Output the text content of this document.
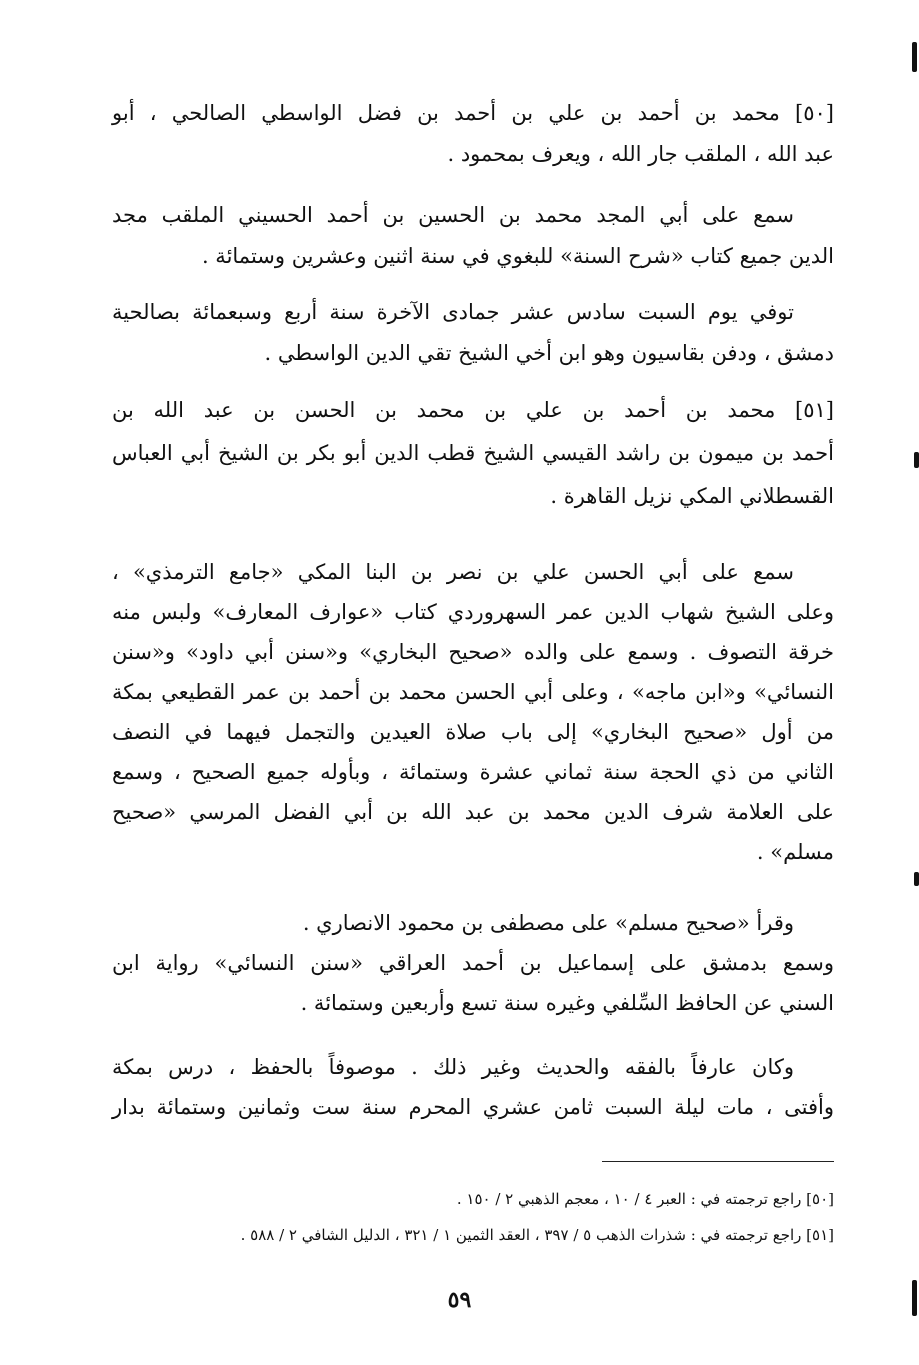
[٥٠] محمد بن أحمد بن علي بن أحمد بن فضل الواسطي الصالحي ، أبو
عبد الله ، الملقب جار الله ، ويعرف بمحمود .
سمع على أبي المجد محمد بن الحسين بن أحمد الحسيني الملقب مجد
الدين جميع كتاب «شرح السنة» للبغوي في سنة اثنين وعشرين وستمائة .
توفي يوم السبت سادس عشر جمادى الآخرة سنة أربع وسبعمائة بصالحية
دمشق ، ودفن بقاسيون وهو ابن أخي الشيخ تقي الدين الواسطي .
[٥١] محمد بن أحمد بن علي بن محمد بن الحسن بن عبد الله بن
أحمد بن ميمون بن راشد القيسي الشيخ قطب الدين أبو بكر بن الشيخ أبي العباس
القسطلاني المكي نزيل القاهرة .
سمع على أبي الحسن علي بن نصر بن البنا المكي «جامع الترمذي» ،
وعلى الشيخ شهاب الدين عمر السهروردي كتاب «عوارف المعارف» ولبس منه
خرقة التصوف . وسمع على والده «صحيح البخاري» و«سنن أبي داود» و«سنن
النسائي» و«ابن ماجه» ، وعلى أبي الحسن محمد بن أحمد بن عمر القطيعي بمكة
من أول «صحيح البخاري» إلى باب صلاة العيدين والتجمل فيهما في النصف
الثاني من ذي الحجة سنة ثماني عشرة وستمائة ، وبأوله جميع الصحيح ، وسمع
على العلامة شرف الدين محمد بن عبد الله بن أبي الفضل المرسي «صحيح
مسلم» .
وقرأ «صحيح مسلم» على مصطفى بن محمود الانصاري .
وسمع بدمشق على إسماعيل بن أحمد العراقي «سنن النسائي» رواية ابن
السني عن الحافظ السِّلفي وغيره سنة تسع وأربعين وستمائة .
وكان عارفاً بالفقه والحديث وغير ذلك . موصوفاً بالحفظ ، درس بمكة
وأفتى ، مات ليلة السبت ثامن عشري المحرم سنة ست وثمانين وستمائة بدار
[٥٠] راجع ترجمته في : العبر ٤ / ١٠ ، معجم الذهبي ٢ / ١٥٠ .
[٥١] راجع ترجمته في : شذرات الذهب ٥ / ٣٩٧ ، العقد الثمين ١ / ٣٢١ ، الدليل الشافي ٢ / ٥٨٨ .
٥٩
